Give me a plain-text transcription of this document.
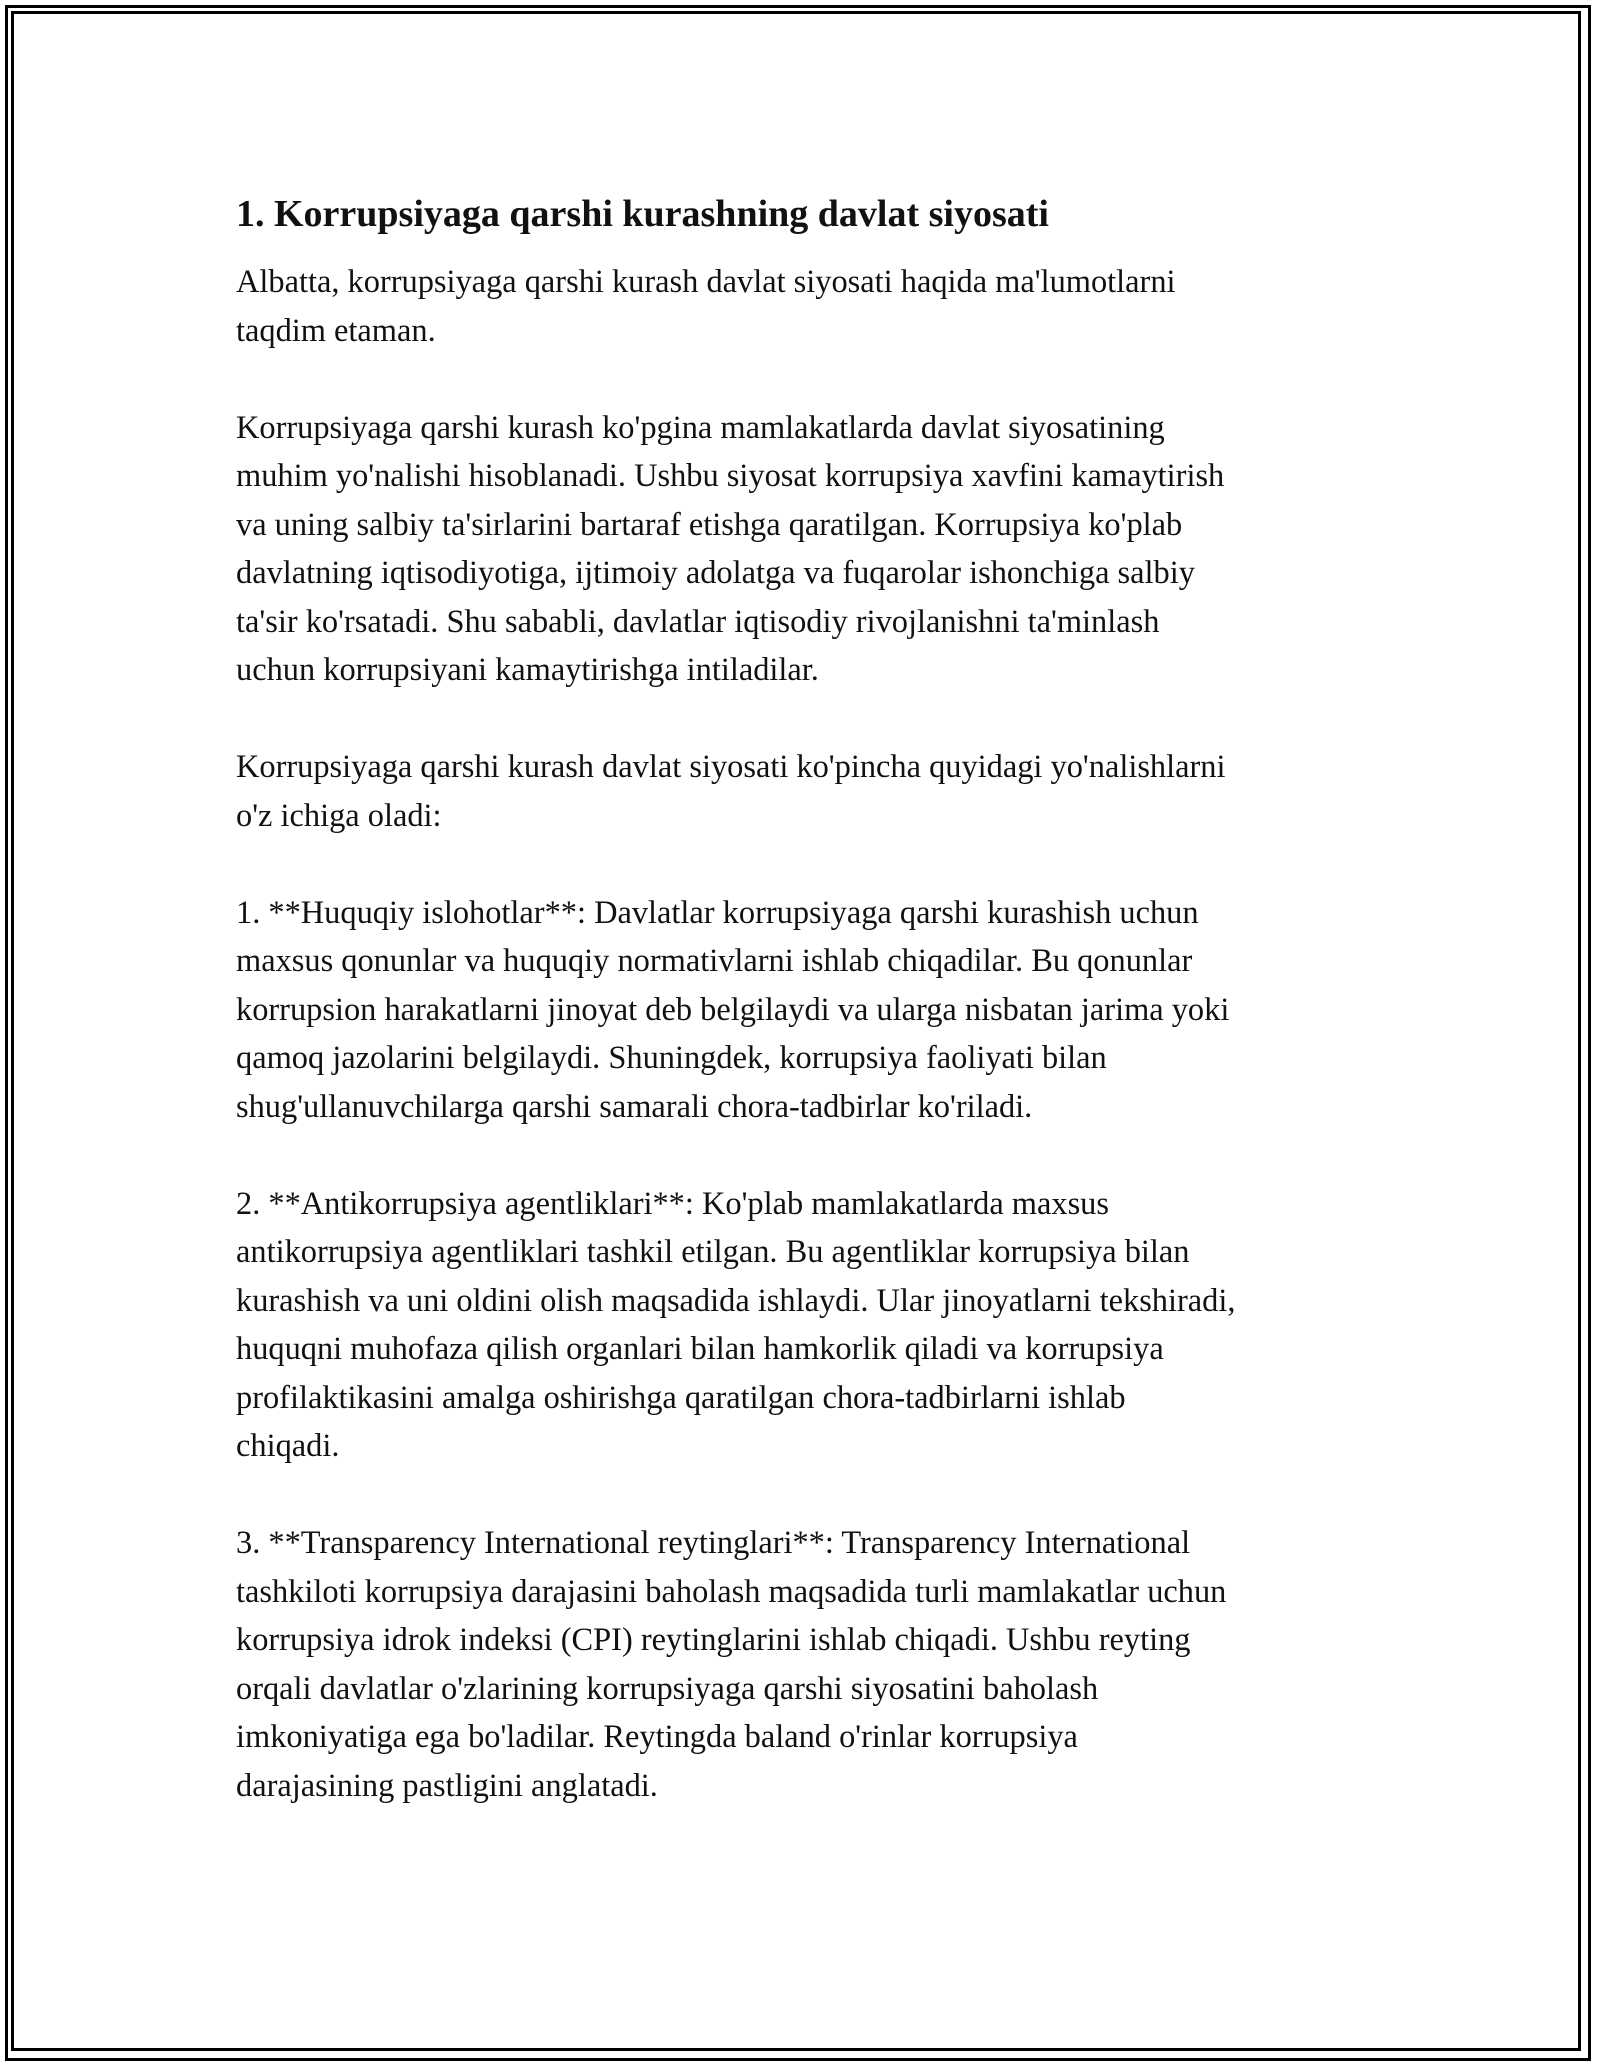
1. Korrupsiyaga qarshi kurashning davlat siyosati

Albatta, korrupsiyaga qarshi kurash davlat siyosati haqida ma'lumotlarni
taqdim etaman.

Korrupsiyaga qarshi kurash ko'pgina mamlakatlarda davlat siyosatining
muhim yo'nalishi hisoblanadi. Ushbu siyosat korrupsiya xavfini kamaytirish
va uning salbiy ta'sirlarini bartaraf etishga qaratilgan. Korrupsiya ko'plab
davlatning iqtisodiyotiga, ijtimoiy adolatga va fuqarolar ishonchiga salbiy
ta'sir ko'rsatadi. Shu sababli, davlatlar iqtisodiy rivojlanishni ta'minlash
uchun korrupsiyani kamaytirishga intiladilar.

Korrupsiyaga qarshi kurash davlat siyosati ko'pincha quyidagi yo'nalishlarni
o'z ichiga oladi:

1. **Huquqiy islohotlar**: Davlatlar korrupsiyaga qarshi kurashish uchun
maxsus qonunlar va huquqiy normativlarni ishlab chiqadilar. Bu qonunlar
korrupsion harakatlarni jinoyat deb belgilaydi va ularga nisbatan jarima yoki
qamoq jazolarini belgilaydi. Shuningdek, korrupsiya faoliyati bilan
shug'ullanuvchilarga qarshi samarali chora-tadbirlar ko'riladi.

2. **Antikorrupsiya agentliklari**: Ko'plab mamlakatlarda maxsus
antikorrupsiya agentliklari tashkil etilgan. Bu agentliklar korrupsiya bilan
kurashish va uni oldini olish maqsadida ishlaydi. Ular jinoyatlarni tekshiradi,
huquqni muhofaza qilish organlari bilan hamkorlik qiladi va korrupsiya
profilaktikasini amalga oshirishga qaratilgan chora-tadbirlarni ishlab
chiqadi.

3. **Transparency International reytinglari**: Transparency International
tashkiloti korrupsiya darajasini baholash maqsadida turli mamlakatlar uchun
korrupsiya idrok indeksi (CPI) reytinglarini ishlab chiqadi. Ushbu reyting
orqali davlatlar o'zlarining korrupsiyaga qarshi siyosatini baholash
imkoniyatiga ega bo'ladilar. Reytingda baland o'rinlar korrupsiya
darajasining pastligini anglatadi.
